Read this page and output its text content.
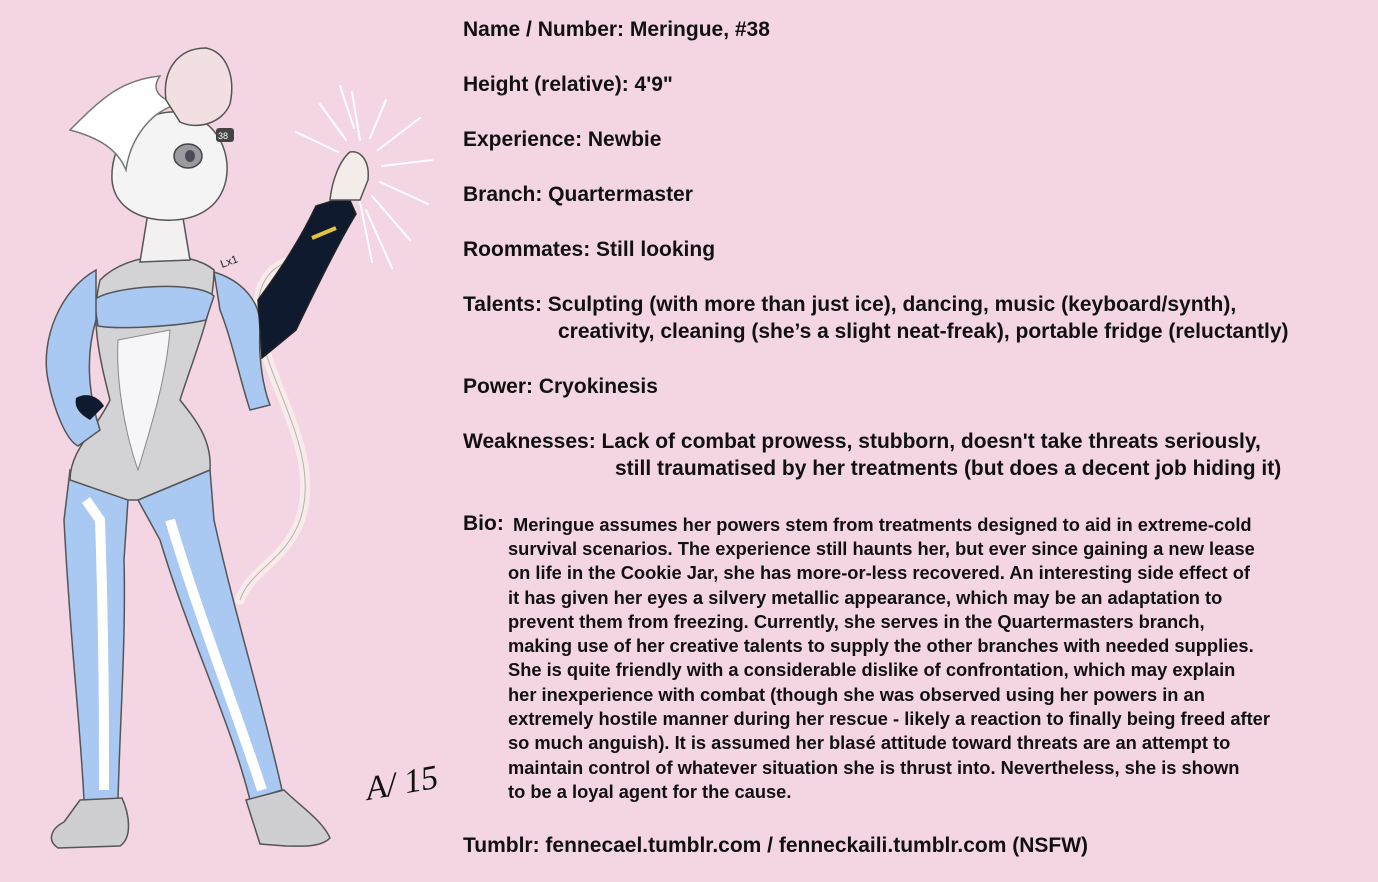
38
Lx1
A/ 15
Name / Number: Meringue, #38
Height (relative): 4'9"
Experience: Newbie
Branch: Quartermaster
Roommates: Still looking
Talents: Sculpting (with more than just ice), dancing, music (keyboard/synth),
creativity, cleaning (she’s a slight neat-freak), portable fridge (reluctantly)
Power: Cryokinesis
Weaknesses: Lack of combat prowess, stubborn, doesn't take threats seriously,
still traumatised by her treatments (but does a decent job hiding it)
Bio: Meringue assumes her powers stem from treatments designed to aid in extreme-cold
survival scenarios. The experience still haunts her, but ever since gaining a new lease
on life in the Cookie Jar, she has more-or-less recovered. An interesting side effect of
it has given her eyes a silvery metallic appearance, which may be an adaptation to
prevent them from freezing. Currently, she serves in the Quartermasters branch,
making use of her creative talents to supply the other branches with needed supplies.
She is quite friendly with a considerable dislike of confrontation, which may explain
her inexperience with combat (though she was observed using her powers in an
extremely hostile manner during her rescue - likely a reaction to finally being freed after
so much anguish). It is assumed her blasé attitude toward threats are an attempt to
maintain control of whatever situation she is thrust into. Nevertheless, she is shown
to be a loyal agent for the cause.
Tumblr: fennecael.tumblr.com / fenneckaili.tumblr.com (NSFW)
